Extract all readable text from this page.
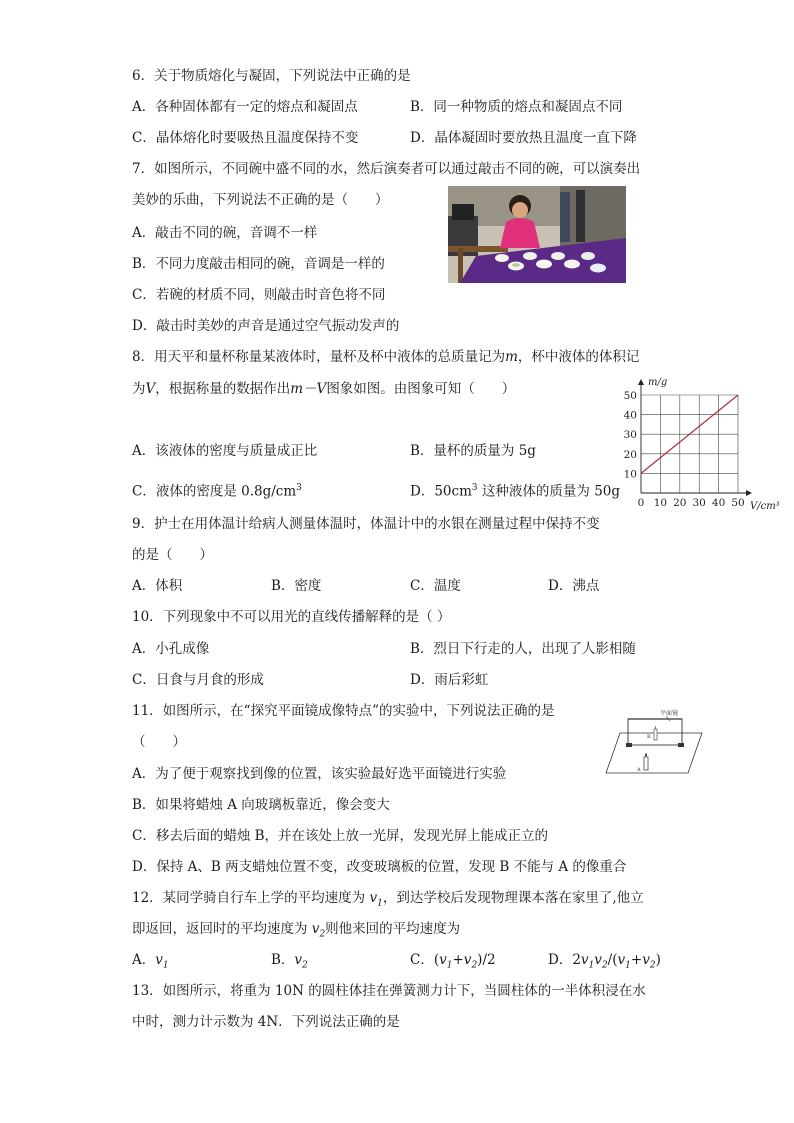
6．关于物质熔化与凝固，下列说法中正确的是
A．各种固体都有一定的熔点和凝固点	B．同一种物质的熔点和凝固点不同
C．晶体熔化时要吸热且温度保持不变	D．晶体凝固时要放热且温度一直下降
7．如图所示，不同碗中盛不同的水，然后演奏者可以通过敲击不同的碗，可以演奏出
美妙的乐曲，下列说法不正确的是（　　）
A．敲击不同的碗，音调不一样
B．不同力度敲击相同的碗，音调是一样的
C．若碗的材质不同，则敲击时音色将不同
D．敲击时美妙的声音是通过空气振动发声的
8．用天平和量杯称量某液体时，量杯及杯中液体的总质量记为m，杯中液体的体积记
为V，根据称量的数据作出m－V图象如图。由图象可知（　　）
A．该液体的密度与质量成正比	B．量杯的质量为 5g
C．液体的密度是 $0.8g/cm^3$	D．$50cm^3$ 这种液体的质量为 50g
0 10 20 30 40 50
10
20
30
40
50
V/cm³
m/g
9．护士在用体温计给病人测量体温时，体温计中的水银在测量过程中保持不变
的是（　　）
A．体积	B．密度	C．温度	D．沸点
10．下列现象中不可以用光的直线传播解释的是（ ）
A．小孔成像	B．烈日下行走的人，出现了人影相随
C．日食与月食的形成	D．雨后彩虹
11．如图所示，在“探究平面镜成像特点”的实验中，下列说法正确的是
（　　）
A．为了便于观察找到像的位置，该实验最好选平面镜进行实验
B．如果将蜡烛 A 向玻璃板靠近，像会变大
C．移去后面的蜡烛 B，并在该处上放一光屏，发现光屏上能成正立的
D．保持 A、B 两支蜡烛位置不变，改变玻璃板的位置，发现 B 不能与 A 的像重合
平面镜
B
A
12．某同学骑自行车上学的平均速度为 $v_1$，到达学校后发现物理课本落在家里了,他立
即返回，返回时的平均速度为 $v_2$则他来回的平均速度为
A．$v_1$	B．$v_2$	C．$(v_1+v_2)/2$	D．$2v_1v_2/(v_1+v_2)$
13．如图所示，将重为 10N 的圆柱体挂在弹簧测力计下，当圆柱体的一半体积浸在水
中时，测力计示数为 4N．下列说法正确的是
